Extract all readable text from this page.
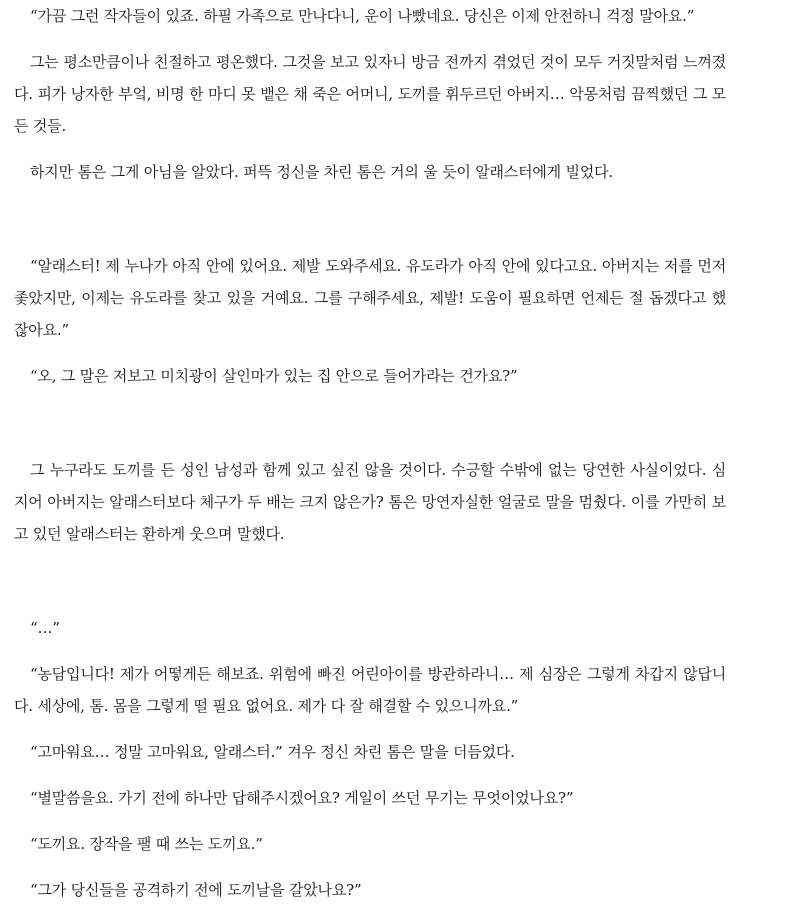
“가끔 그런 작자들이 있죠. 하필 가족으로 만나다니, 운이 나빴네요. 당신은 이제 안전하니 걱정 말아요.”

그는 평소만큼이나 친절하고 평온했다. 그것을 보고 있자니 방금 전까지 겪었던 것이 모두 거짓말처럼 느껴졌다. 피가 낭자한 부엌, 비명 한 마디 못 뱉은 채 죽은 어머니, 도끼를 휘두르던 아버지… 악몽처럼 끔찍했던 그 모든 것들.

하지만 톰은 그게 아님을 알았다. 퍼뜩 정신을 차린 톰은 거의 울 듯이 알래스터에게 빌었다.

“알래스터! 제 누나가 아직 안에 있어요. 제발 도와주세요. 유도라가 아직 안에 있다고요. 아버지는 저를 먼저 좇았지만, 이제는 유도라를 찾고 있을 거예요. 그를 구해주세요, 제발! 도움이 필요하면 언제든 절 돕겠다고 했잖아요.”

“오, 그 말은 저보고 미치광이 살인마가 있는 집 안으로 들어가라는 건가요?”

그 누구라도 도끼를 든 성인 남성과 함께 있고 싶진 않을 것이다. 수긍할 수밖에 없는 당연한 사실이었다. 심지어 아버지는 알래스터보다 체구가 두 배는 크지 않은가? 톰은 망연자실한 얼굴로 말을 멈췄다. 이를 가만히 보고 있던 알래스터는 환하게 웃으며 말했다.

“…”

“농담입니다! 제가 어떻게든 해보죠. 위험에 빠진 어린아이를 방관하라니… 제 심장은 그렇게 차갑지 않답니다. 세상에, 톰. 몸을 그렇게 떨 필요 없어요. 제가 다 잘 해결할 수 있으니까요.”

“고마워요… 정말 고마워요, 알래스터.” 겨우 정신 차린 톰은 말을 더듬었다.

“별말씀을요. 가기 전에 하나만 답해주시겠어요? 게일이 쓰던 무기는 무엇이었나요?”

“도끼요. 장작을 팰 때 쓰는 도끼요.”

“그가 당신들을 공격하기 전에 도끼날을 갈았나요?”
